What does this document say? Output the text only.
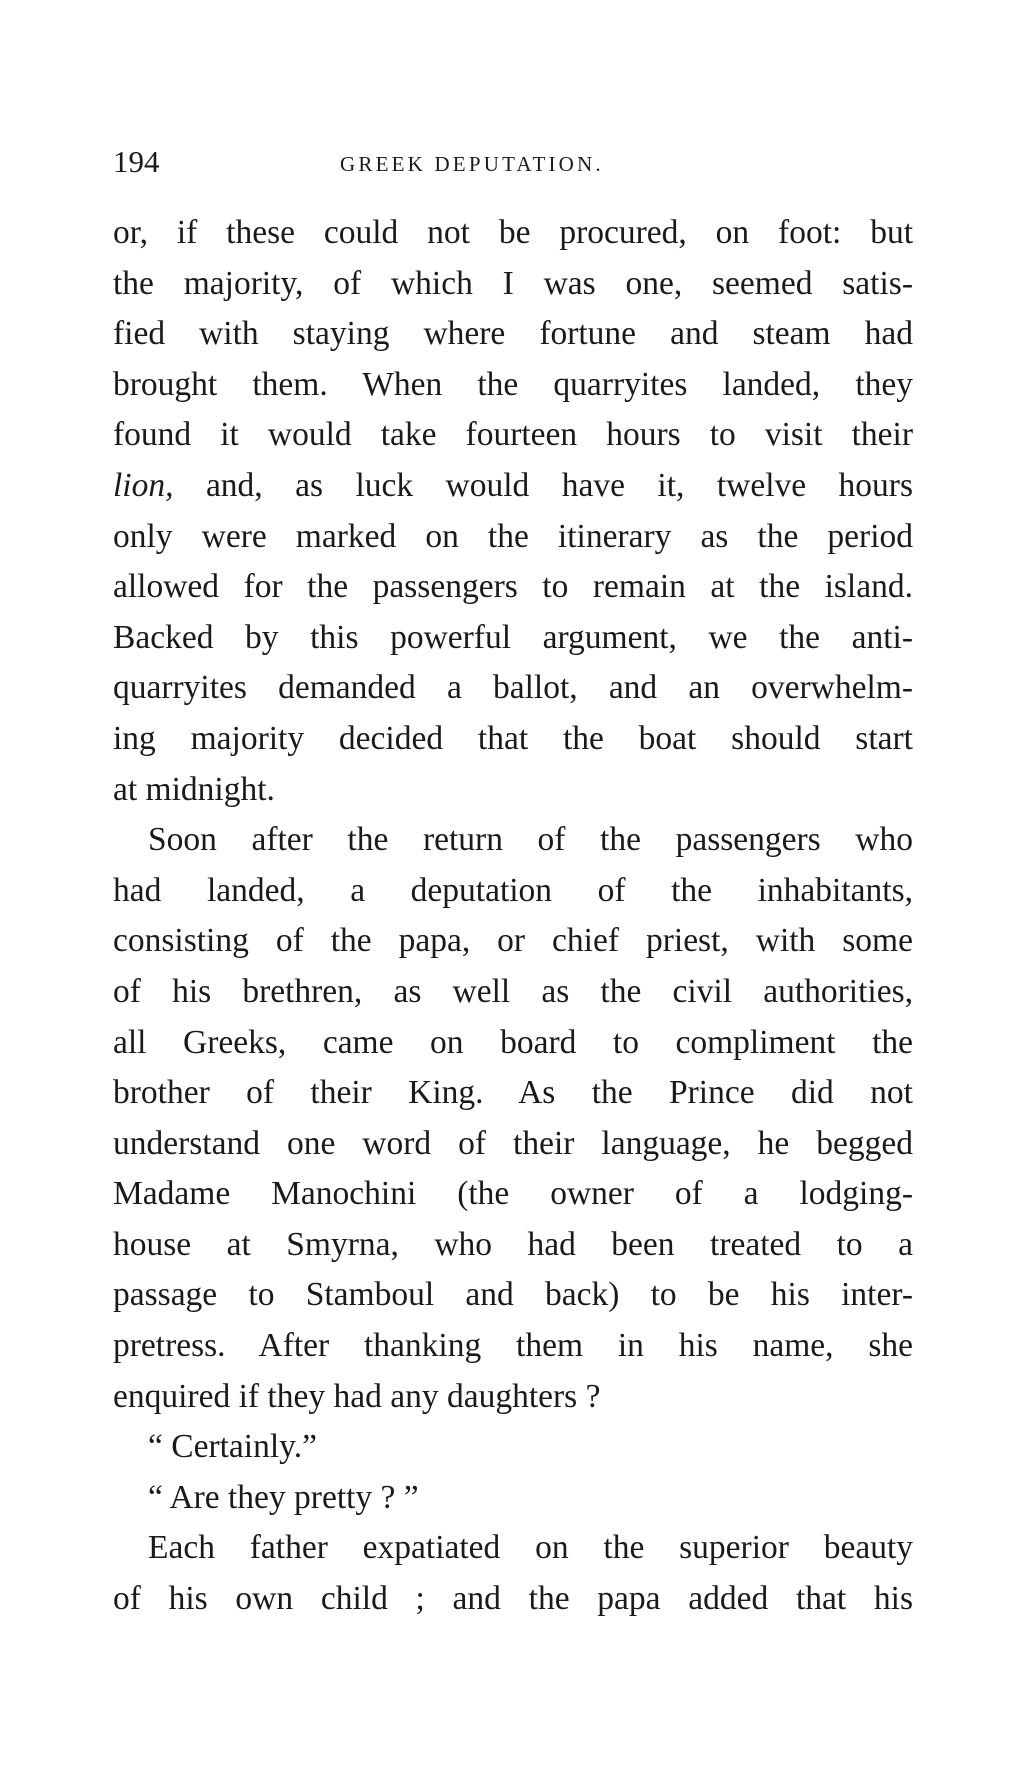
194	GREEK DEPUTATION.
or, if these could not be procured, on foot: but
the majority, of which I was one, seemed satis-
fied with staying where fortune and steam had
brought them. When the quarryites landed, they
found it would take fourteen hours to visit their
lion, and, as luck would have it, twelve hours
only were marked on the itinerary as the period
allowed for the passengers to remain at the island.
Backed by this powerful argument, we the anti-
quarryites demanded a ballot, and an overwhelm-
ing majority decided that the boat should start
at midnight.
Soon after the return of the passengers who
had landed, a deputation of the inhabitants,
consisting of the papa, or chief priest, with some
of his brethren, as well as the civil authorities,
all Greeks, came on board to compliment the
brother of their King. As the Prince did not
understand one word of their language, he begged
Madame Manochini (the owner of a lodging-
house at Smyrna, who had been treated to a
passage to Stamboul and back) to be his inter-
pretress. After thanking them in his name, she
enquired if they had any daughters ?
“ Certainly.”
“ Are they pretty ? ”
Each father expatiated on the superior beauty
of his own child ; and the papa added that his
